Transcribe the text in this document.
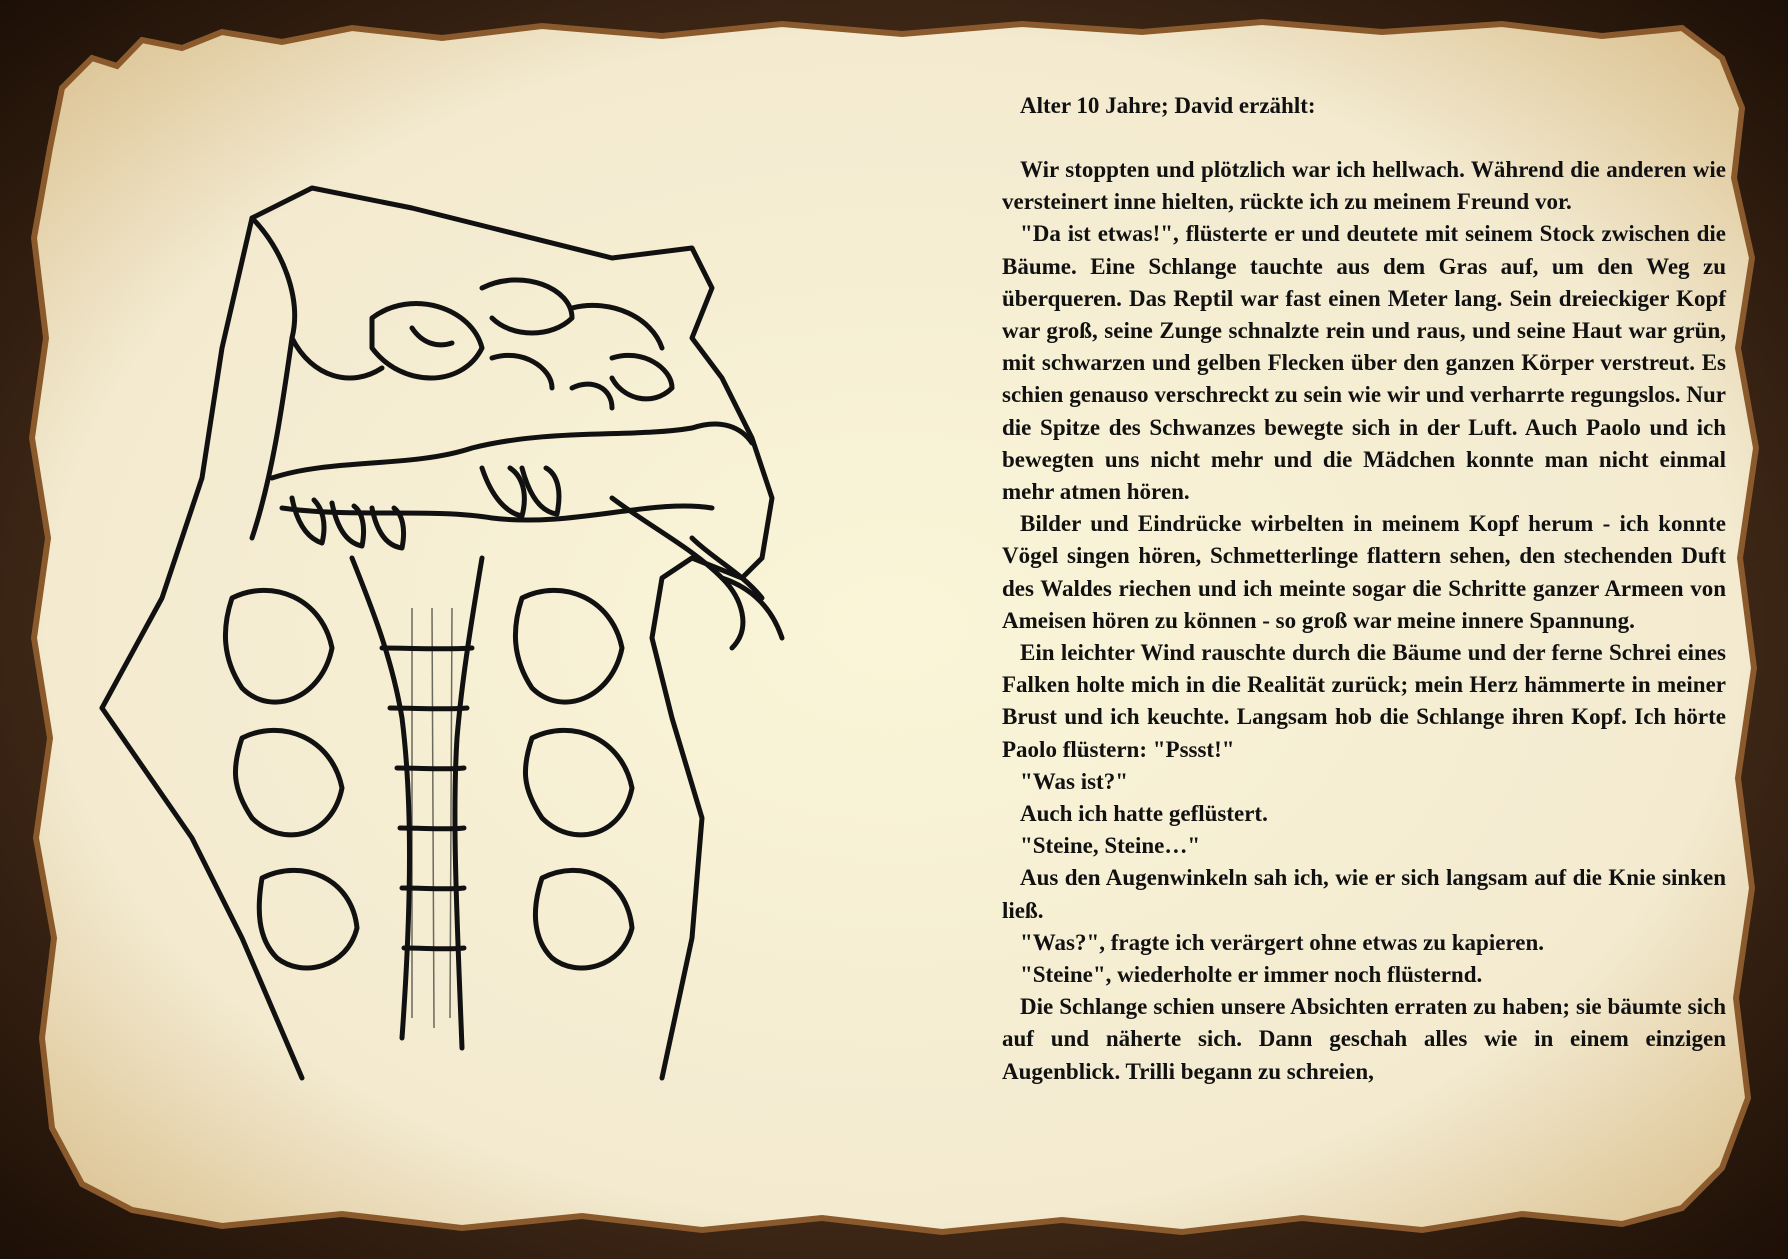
Alter 10 Jahre; David erzählt:

Wir stoppten und plötzlich war ich hellwach. Während die anderen wie versteinert inne hielten, rückte ich zu meinem Freund vor.

"Da ist etwas!", flüsterte er und deutete mit seinem Stock zwischen die Bäume. Eine Schlange tauchte aus dem Gras auf, um den Weg zu überqueren. Das Reptil war fast einen Meter lang. Sein dreieckiger Kopf war groß, seine Zunge schnalzte rein und raus, und seine Haut war grün, mit schwarzen und gelben Flecken über den ganzen Körper verstreut. Es schien genauso verschreckt zu sein wie wir und verharrte regungslos. Nur die Spitze des Schwanzes bewegte sich in der Luft. Auch Paolo und ich bewegten uns nicht mehr und die Mädchen konnte man nicht einmal mehr atmen hören.

Bilder und Eindrücke wirbelten in meinem Kopf herum - ich konnte Vögel singen hören, Schmetterlinge flattern sehen, den stechenden Duft des Waldes riechen und ich meinte sogar die Schritte ganzer Armeen von Ameisen hören zu können - so groß war meine innere Spannung.

Ein leichter Wind rauschte durch die Bäume und der ferne Schrei eines Falken holte mich in die Realität zurück; mein Herz hämmerte in meiner Brust und ich keuchte. Langsam hob die Schlange ihren Kopf. Ich hörte Paolo flüstern: "Pssst!"

"Was ist?"

Auch ich hatte geflüstert.

"Steine, Steine…"

Aus den Augenwinkeln sah ich, wie er sich langsam auf die Knie sinken ließ.

"Was?", fragte ich verärgert ohne etwas zu kapieren.

"Steine", wiederholte er immer noch flüsternd.

Die Schlange schien unsere Absichten erraten zu haben; sie bäumte sich auf und näherte sich. Dann geschah alles wie in einem einzigen Augenblick. Trilli begann zu schreien,
